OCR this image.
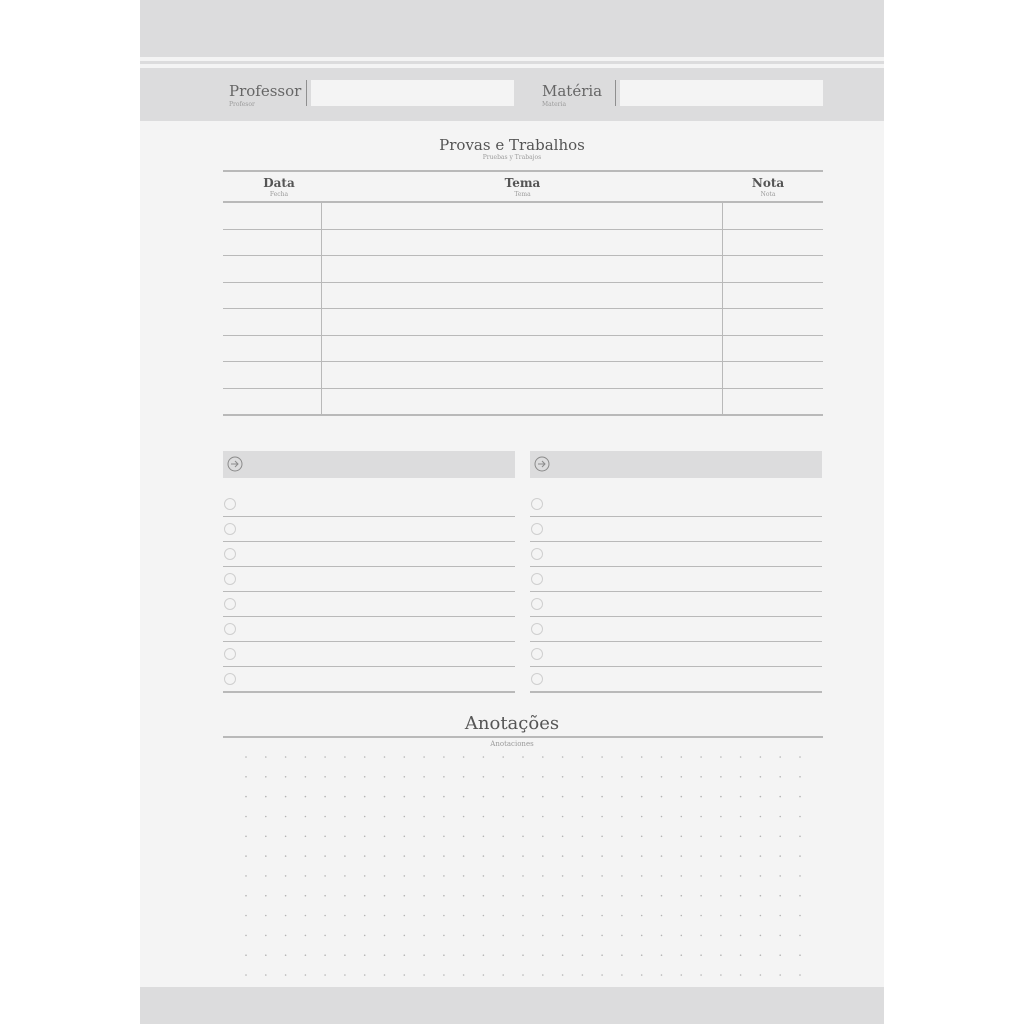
Professor
Profesor
Matéria
Materia
Provas e Trabalhos
Pruebas y Trabajos
Data
Fecha
Tema
Tema
Nota
Nota
Anotações
Anotaciones
